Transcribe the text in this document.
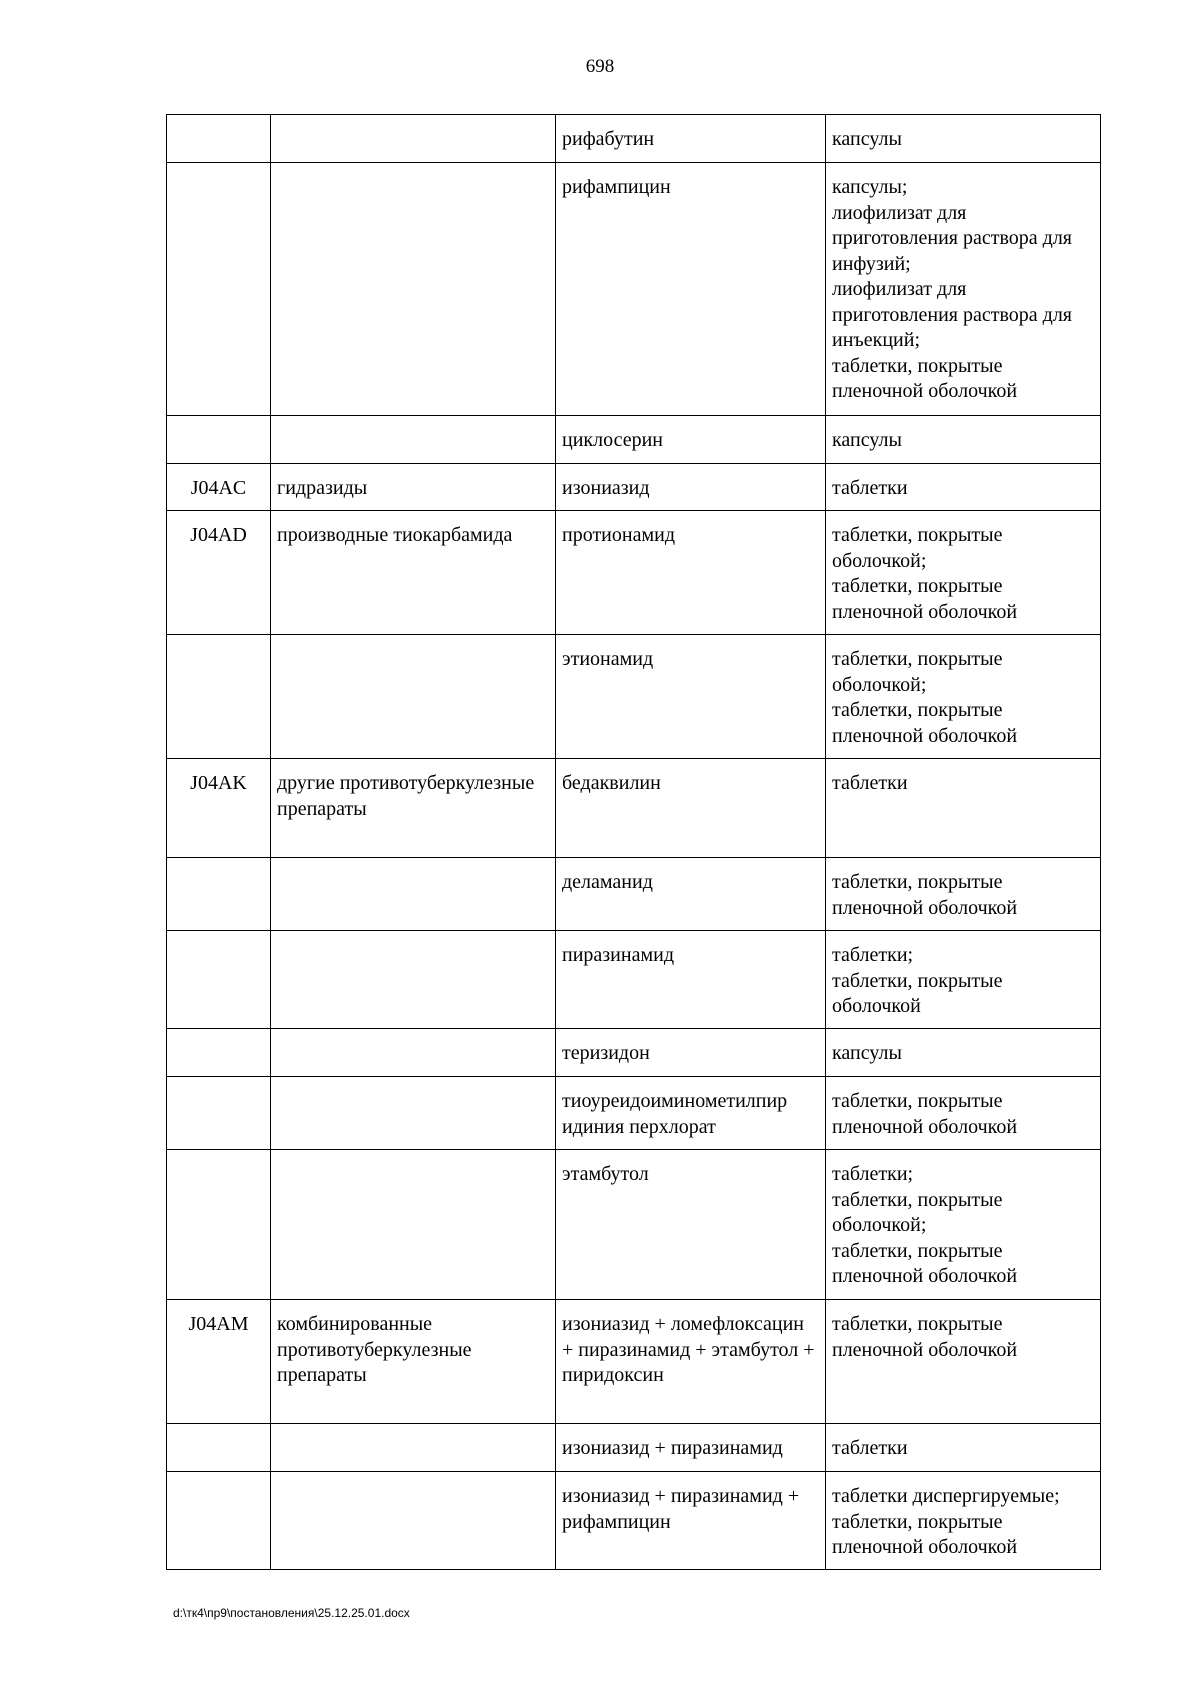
698
		рифабутин	капсулы
		рифампицин	капсулы;
лиофилизат для приготовления раствора для инфузий;
лиофилизат для приготовления раствора для инъекций;
таблетки, покрытые пленочной оболочкой
		циклосерин	капсулы
J04AC	гидразиды	изониазид	таблетки
J04AD	производные тиокарбамида	протионамид	таблетки, покрытые оболочкой;
таблетки, покрытые пленочной оболочкой
		этионамид	таблетки, покрытые оболочкой;
таблетки, покрытые пленочной оболочкой
J04AK	другие противотуберкулезные препараты	бедаквилин	таблетки
		деламанид	таблетки, покрытые пленочной оболочкой
		пиразинамид	таблетки;
таблетки, покрытые оболочкой
		теризидон	капсулы
		тиоуреидоиминометилпир идиния перхлорат	таблетки, покрытые пленочной оболочкой
		этамбутол	таблетки;
таблетки, покрытые оболочкой;
таблетки, покрытые пленочной оболочкой
J04AM	комбинированные противотуберкулезные препараты	изониазид + ломефлоксацин + пиразинамид + этамбутол + пиридоксин	таблетки, покрытые пленочной оболочкой
		изониазид + пиразинамид	таблетки
		изониазид + пиразинамид + рифампицин	таблетки диспергируемые;
таблетки, покрытые пленочной оболочкой
d:\тк4\пр9\постановления\25.12.25.01.docx
